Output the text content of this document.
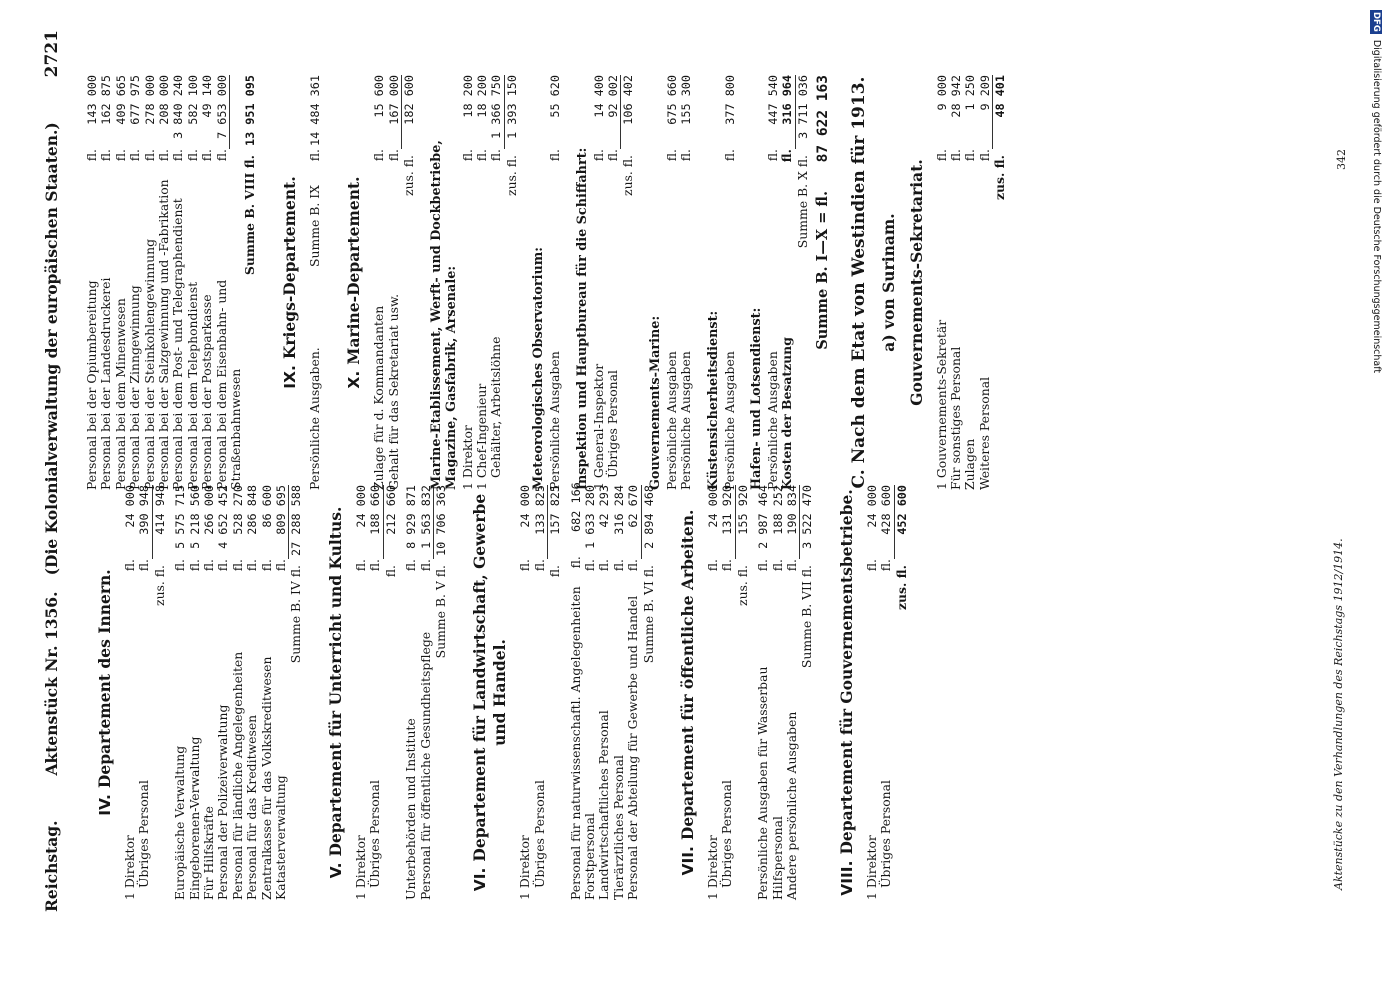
Reichstag.
Aktenstück Nr. 1356.   (Die Kolonialverwaltung der europäischen Staaten.)
2721
IV.Departement des Innern.
1 Direktor
fl.
24 000
Übriges Personal
fl.
390 948
zus. fl.
414 948
Europäische Verwaltung
fl.
5 575 715
Eingeborenen-Verwaltung
fl.
5 218 560
Für Hilfskräfte
fl.
266 000
Personal der Polizeiverwaltung
fl.
4 652 452
Personal für ländliche Angelegenheiten
fl.
528 270
Personal für das Kreditwesen
fl.
286 848
Zentralkasse für das Volkskreditwesen
fl.
86 600
Katasterverwaltung
fl.
809 695
Summe B. IV fl.
27 288 588
V.Departement für Unterricht und Kultus.
1 Direktor
fl.
24 000
Übriges Personal
fl.
188 660
fl.
212 660
Unterbehörden und Institute
fl.
8 929 871
Personal für öffentliche Gesundheitspflege
fl.
1 563 832
Summe B. V fl.
10 706 363
VI.Departement für Landwirtschaft, Gewerbe und Handel.
1 Direktor
fl.
24 000
Übriges Personal
fl.
133 825
fl.
157 825
Personal für naturwissenschaftl. Angelegenheiten
fl.
682 166
Forstpersonal
fl.
1 633 280
Landwirtschaftliches Personal
fl.
42 293
Tierärztliches Personal
fl.
316 284
Personal der Abteilung für Gewerbe und Handel
fl.
62 670
Summe B. VI fl.
2 894 468
VII.Departement für öffentliche Arbeiten.
1 Direktor
fl.
24 000
Übriges Personal
fl.
131 920
zus. fl.
155 920
Persönliche Ausgaben für Wasserbau
fl.
2 987 464
Hilfspersonal
fl.
188 252
Andere persönliche Ausgaben
fl.
190 834
Summe B. VII fl.
3 522 470
VIII.Departement für Gouvernementsbetriebe.
1 Direktor
fl.
24 000
Übriges Personal
fl.
428 600
zus. fl.
452 600
Personal bei der Opiumbereitung
fl.
143 000
Personal bei der Landesdruckerei
fl.
162 875
Personal bei dem Minenwesen
fl.
409 665
Personal bei der Zinngewinnung
fl.
677 975
Personal bei der Steinkohlengewinnung
fl.
278 000
Personal bei der Salzgewinnung und -Fabrikation
fl.
208 000
Personal bei dem Post- und Telegraphendienst
fl.
3 840 240
Personal bei dem Telephondienst
fl.
582 100
Personal bei der Postsparkasse
fl.
49 140
Personal bei dem Eisenbahn- und Straßenbahnwesen
fl.
7 653 000
Summe B. VIII fl.
13 951 095
IX.Kriegs-Departement.
Persönliche Ausgaben.
Summe B. IX
fl.
14 484 361
X.Marine-Departement.
Zulage für d. Kommandanten
fl.
15 600
Gehalt für das Sekretariat usw.
fl.
167 000
zus. fl.
182 600
Marine-Etablissement, Werft- und Dockbetriebe, Magazine, Gasfabrik, Arsenale: 1 Direktor
fl.
18 200
1 Chef-Ingenieur
fl.
18 200
Gehälter, Arbeitslöhne
fl.
1 366 750
zus. fl.
1 393 150
Meteorologisches Observatorium: Persönliche Ausgaben
fl.
55 620
Inspektion und Hauptbureau für die Schiffahrt: 1 General-Inspektor
fl.
14 400
Übriges Personal
fl.
92 002
zus. fl.
106 402
Gouvernements-Marine: Persönliche Ausgaben
fl.
675 660
Persönliche Ausgaben
fl.
155 300
Küstensicherheitsdienst: Persönliche Ausgaben
fl.
377 800
Hafen- und Lotsendienst: Persönliche Ausgaben
fl.
447 540
Kosten der Besatzung
fl.
316 964
Summe B. X fl.
3 711 036
Summe B. I—X = fl.
87 622 163 C. Nach dem Etat von Westindien für 1913. a) von Surinam. Gouvernements-Sekretariat. 1 Gouvernements-Sekretär
fl.
9 000
Für sonstiges Personal
fl.
28 942
Zulagen
fl.
1 250
Weiteres Personal
fl.
9 209
zus. fl.
48 401
Aktenstücke zu den Verhandlungen des Reichstags 1912/1914.
342
DFGDigitalisierung gefördert durch die Deutsche Forschungsgemeinschaft
